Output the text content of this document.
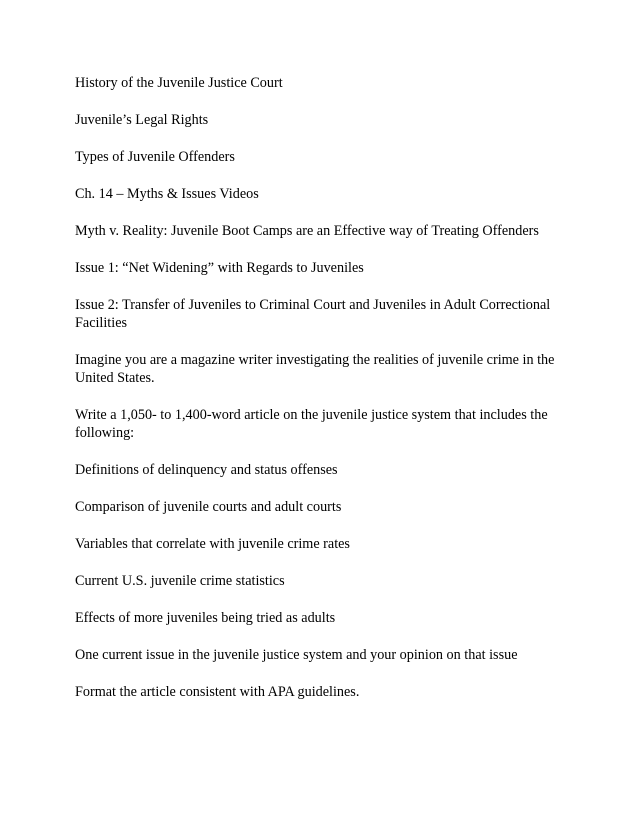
History of the Juvenile Justice Court

Juvenile’s Legal Rights

Types of Juvenile Offenders

Ch. 14 – Myths & Issues Videos

Myth v. Reality: Juvenile Boot Camps are an Effective way of Treating Offenders

Issue 1: “Net Widening” with Regards to Juveniles

Issue 2: Transfer of Juveniles to Criminal Court and Juveniles in Adult Correctional Facilities

Imagine you are a magazine writer investigating the realities of juvenile crime in the United States.

Write a 1,050- to 1,400-word article on the juvenile justice system that includes the following:

Definitions of delinquency and status offenses

Comparison of juvenile courts and adult courts

Variables that correlate with juvenile crime rates

Current U.S. juvenile crime statistics

Effects of more juveniles being tried as adults

One current issue in the juvenile justice system and your opinion on that issue

Format the article consistent with APA guidelines.
